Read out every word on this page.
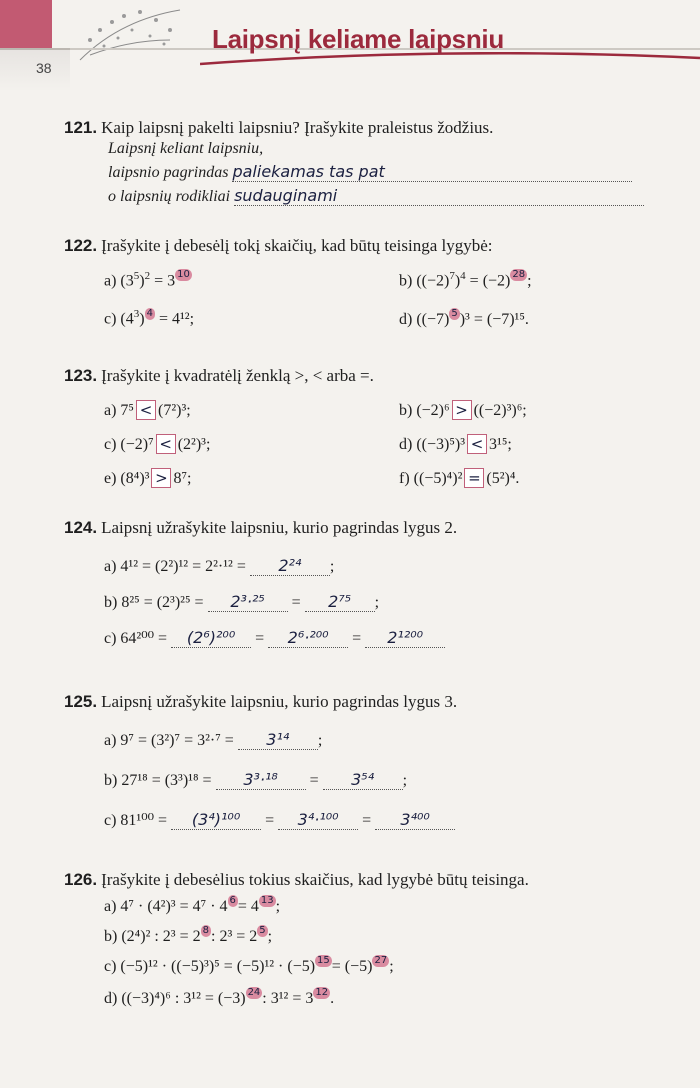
38
Laipsnį keliame laipsniu
121. Kaip laipsnį pakelti laipsniu? Įrašykite praleistus žodžius.
Laipsnį keliant laipsniu,
laipsnio pagrindas paliekamas tas pat
o laipsnių rodikliai sudauginami
122. Įrašykite į debesėlį tokį skaičių, kad būtų teisinga lygybė:
a) $(3^5)^2 = 3$ 10	b) $((-2)^7)^4 = (-2)$ 28 ;
c) $(4^3) 4 = 4^{12}$;	d) ((−7) 5 )³ = (−7)¹⁵.
123. Įrašykite į kvadratėlį ženklą >, < arba =.
a) 7⁵ < (7²)³;	b) (−2)⁶ > ((−2)³)⁶;
c) (−2)⁷ < (2²)³;	d) ((−3)⁵)³ < 3¹⁵;
e) (8⁴)³ > 8⁷;	f) ((−5)⁴)² = (5²)⁴.
124. Laipsnį užrašykite laipsniu, kurio pagrindas lygus 2.
a) 4¹² = (2²)¹² = 2²·¹² =	2²⁴	;
b) 8²⁵ = (2³)²⁵ =	2³·²⁵	=	2⁷⁵	;
c) 64²⁰⁰ =	(2⁶)²⁰⁰ =	2⁶·²⁰⁰	=	2¹²⁰⁰
125. Laipsnį užrašykite laipsniu, kurio pagrindas lygus 3.
a) 9⁷ = (3²)⁷ = 3²·⁷ =	3¹⁴	;
b) 27¹⁸ = (3³)¹⁸ =	3³·¹⁸	=	3⁵⁴	;
c) 81¹⁰⁰ =	(3⁴)¹⁰⁰	=	3⁴·¹⁰⁰	=	3⁴⁰⁰
126. Įrašykite į debesėlius tokius skaičius, kad lygybė būtų teisinga.
a) 4⁷ · (4²)³ = 4⁷ · 4 6 = 4 13 ;
b) (2⁴)² : 2³ = 2 8 : 2³ = 2 5 ;
c) (−5)¹² · ((−5)³)⁵ = (−5)¹² · (−5) 15 = (−5) 27 ;
d) ((−3)⁴)⁶ : 3¹² = (−3) 24 : 3¹² = 3 12 .
